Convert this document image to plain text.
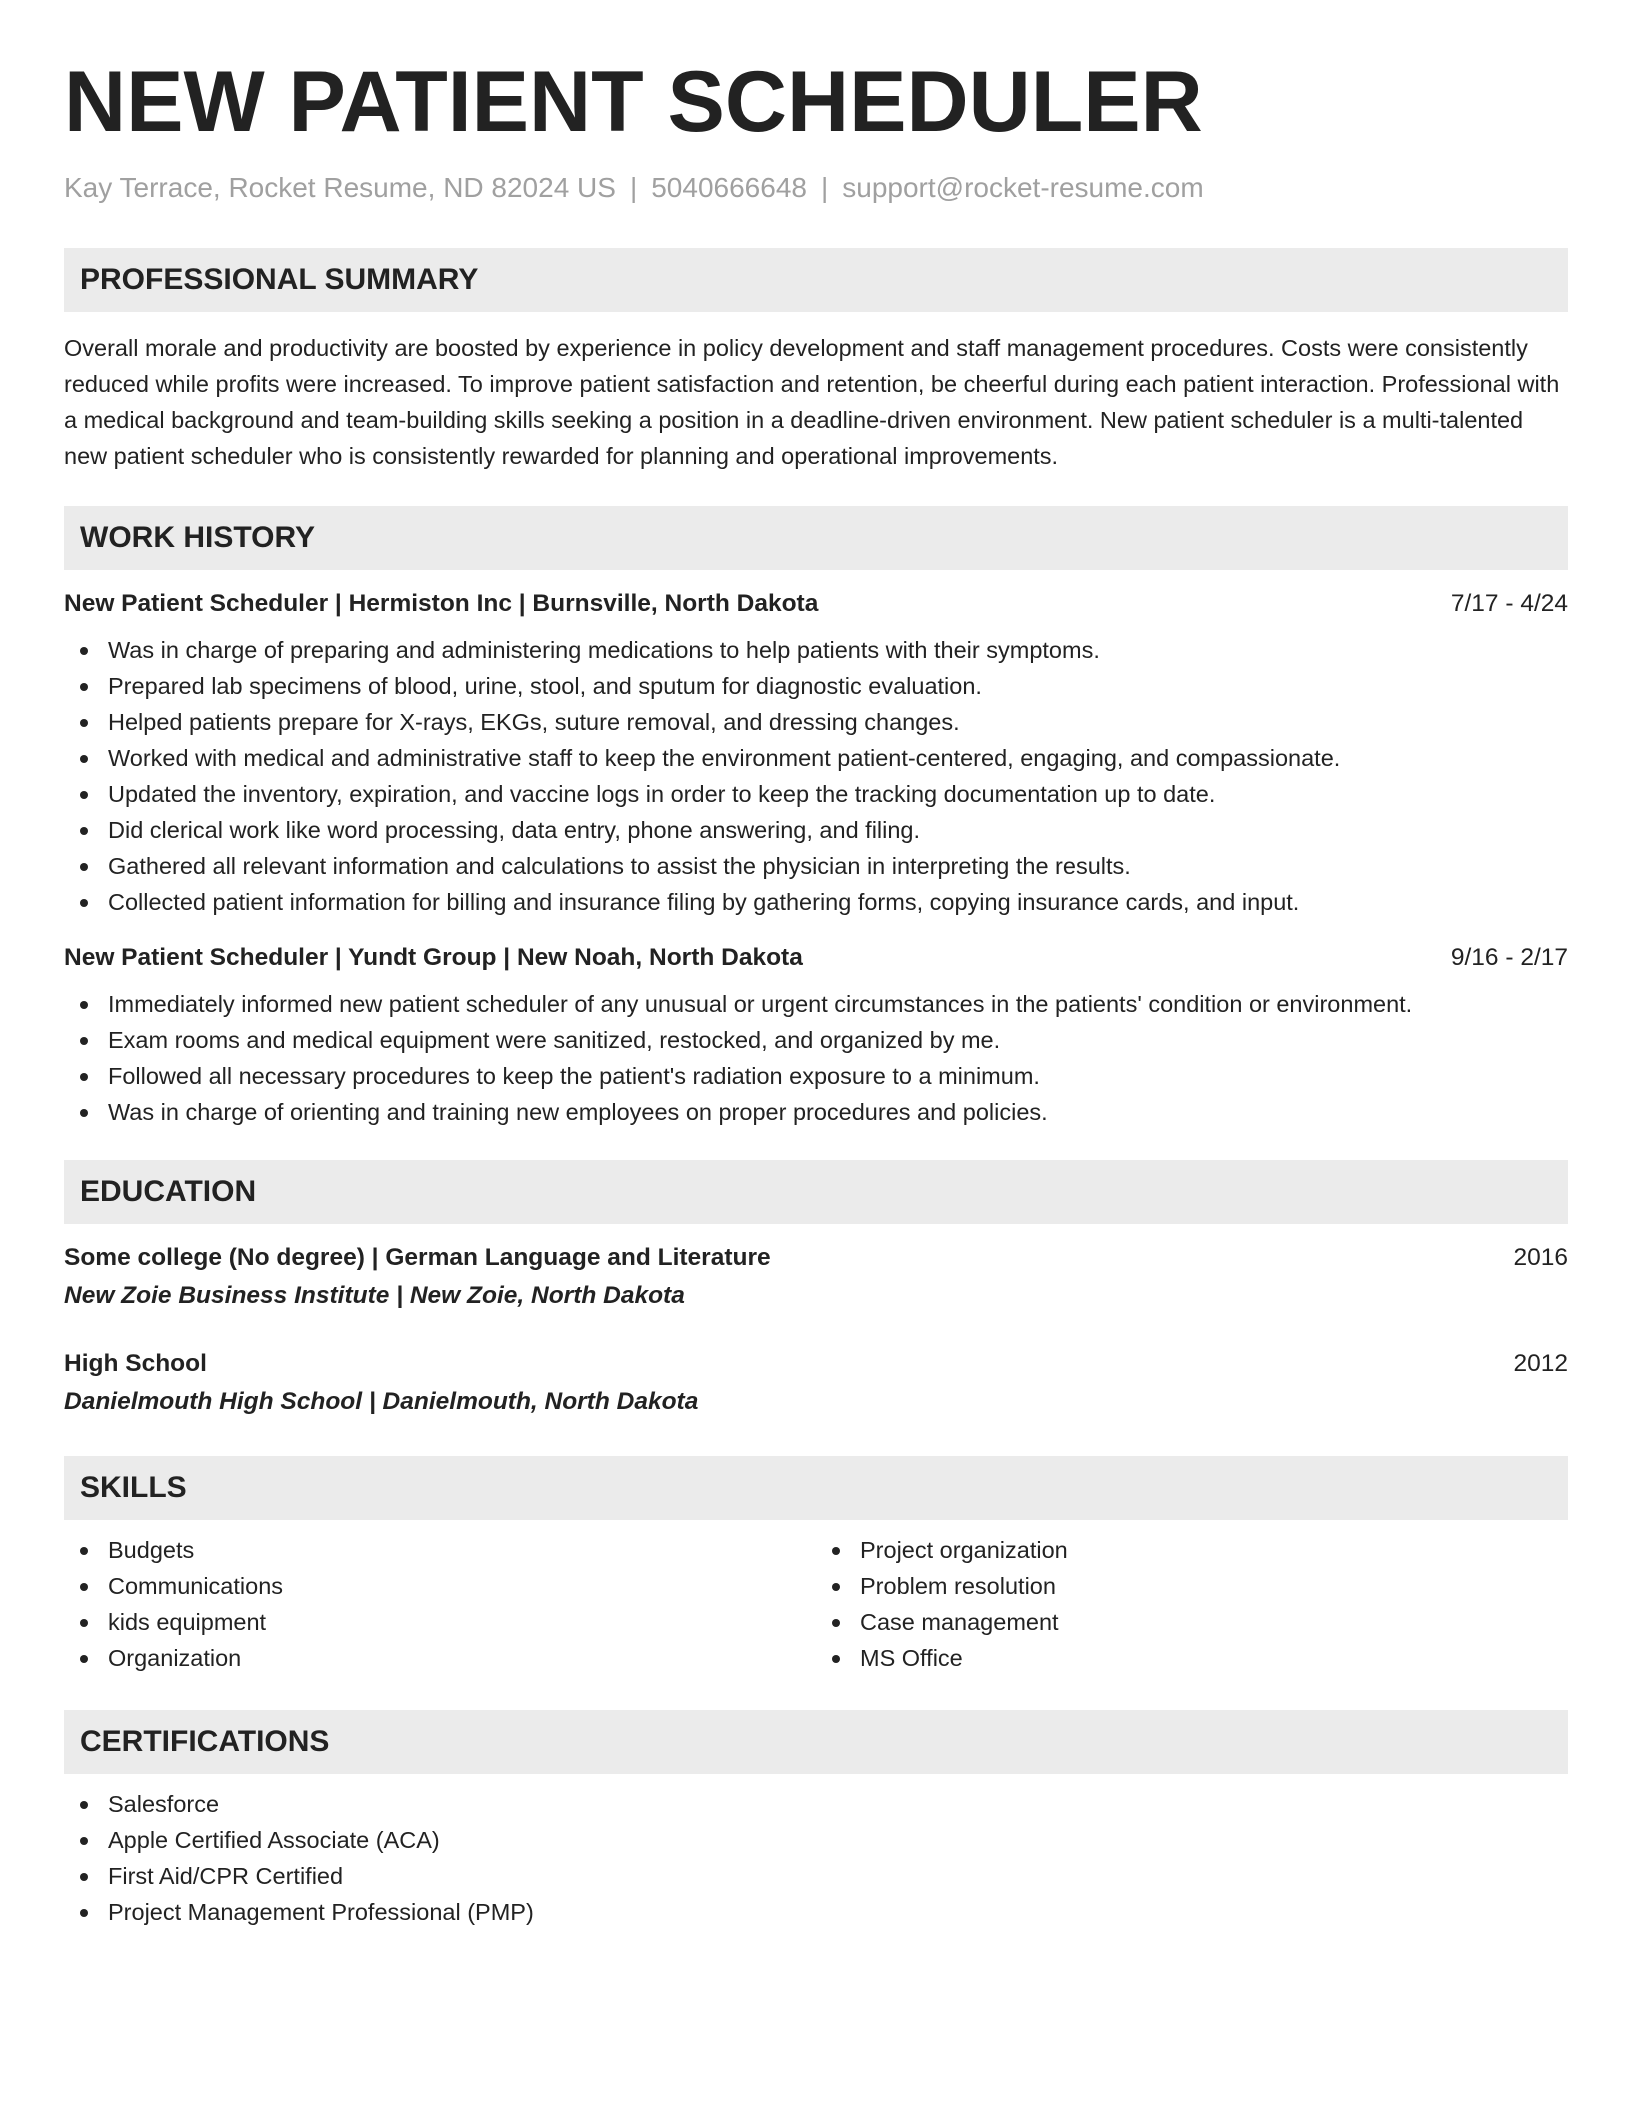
NEW PATIENT SCHEDULER
Kay Terrace, Rocket Resume, ND 82024 US | 5040666648 | support@rocket-resume.com
PROFESSIONAL SUMMARY

Overall morale and productivity are boosted by experience in policy development and staff management procedures. Costs were consistently reduced while profits were increased. To improve patient satisfaction and retention, be cheerful during each patient interaction. Professional with a medical background and team-building skills seeking a position in a deadline-driven environment. New patient scheduler is a multi-talented new patient scheduler who is consistently rewarded for planning and operational improvements.

WORK HISTORY
New Patient Scheduler | Hermiston Inc | Burnsville, North Dakota	7/17 - 4/24
Was in charge of preparing and administering medications to help patients with their symptoms.
Prepared lab specimens of blood, urine, stool, and sputum for diagnostic evaluation.
Helped patients prepare for X-rays, EKGs, suture removal, and dressing changes.
Worked with medical and administrative staff to keep the environment patient-centered, engaging, and compassionate.
Updated the inventory, expiration, and vaccine logs in order to keep the tracking documentation up to date.
Did clerical work like word processing, data entry, phone answering, and filing.
Gathered all relevant information and calculations to assist the physician in interpreting the results.
Collected patient information for billing and insurance filing by gathering forms, copying insurance cards, and input.
New Patient Scheduler | Yundt Group | New Noah, North Dakota	9/16 - 2/17
Immediately informed new patient scheduler of any unusual or urgent circumstances in the patients' condition or environment.
Exam rooms and medical equipment were sanitized, restocked, and organized by me.
Followed all necessary procedures to keep the patient's radiation exposure to a minimum.
Was in charge of orienting and training new employees on proper procedures and policies.
EDUCATION
Some college (No degree) | German Language and Literature	2016
New Zoie Business Institute | New Zoie, North Dakota
High School	2012
Danielmouth High School | Danielmouth, North Dakota
SKILLS
Budgets
Communications
kids equipment
Organization
Project organization
Problem resolution
Case management
MS Office
CERTIFICATIONS
Salesforce
Apple Certified Associate (ACA)
First Aid/CPR Certified
Project Management Professional (PMP)
